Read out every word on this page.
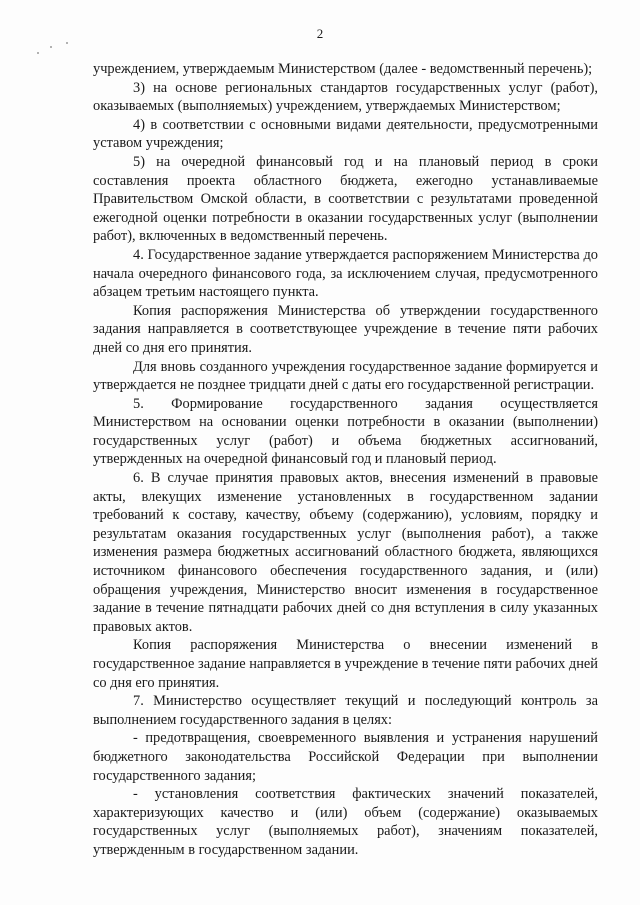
2

учреждением, утверждаемым Министерством (далее - ведомственный перечень);

3) на основе региональных стандартов государственных услуг (работ), оказываемых (выполняемых) учреждением, утверждаемых Министерством;

4) в соответствии с основными видами деятельности, предусмотренными уставом учреждения;

5) на очередной финансовый год и на плановый период в сроки составления проекта областного бюджета, ежегодно устанавливаемые Правительством Омской области, в соответствии с результатами проведенной ежегодной оценки потребности в оказании государственных услуг (выполнении работ), включенных в ведомственный перечень.

4. Государственное задание утверждается распоряжением Министерства до начала очередного финансового года, за исключением случая, предусмотренного абзацем третьим настоящего пункта.

Копия распоряжения Министерства об утверждении государственного задания направляется в соответствующее учреждение в течение пяти рабочих дней со дня его принятия.

Для вновь созданного учреждения государственное задание формируется и утверждается не позднее тридцати дней с даты его государственной регистрации.

5. Формирование государственного задания осуществляется Министерством на основании оценки потребности в оказании (выполнении) государственных услуг (работ) и объема бюджетных ассигнований, утвержденных на очередной финансовый год и плановый период.

6. В случае принятия правовых актов, внесения изменений в правовые акты, влекущих изменение установленных в государственном задании требований к составу, качеству, объему (содержанию), условиям, порядку и результатам оказания государственных услуг (выполнения работ), а также изменения размера бюджетных ассигнований областного бюджета, являющихся источником финансового обеспечения государственного задания, и (или) обращения учреждения, Министерство вносит изменения в государственное задание в течение пятнадцати рабочих дней со дня вступления в силу указанных правовых актов.

Копия распоряжения Министерства о внесении изменений в государственное задание направляется в учреждение в течение пяти рабочих дней со дня его принятия.

7. Министерство осуществляет текущий и последующий контроль за выполнением государственного задания в целях:

- предотвращения, своевременного выявления и устранения нарушений бюджетного законодательства Российской Федерации при выполнении государственного задания;

- установления соответствия фактических значений показателей, характеризующих качество и (или) объем (содержание) оказываемых государственных услуг (выполняемых работ), значениям показателей, утвержденным в государственном задании.
